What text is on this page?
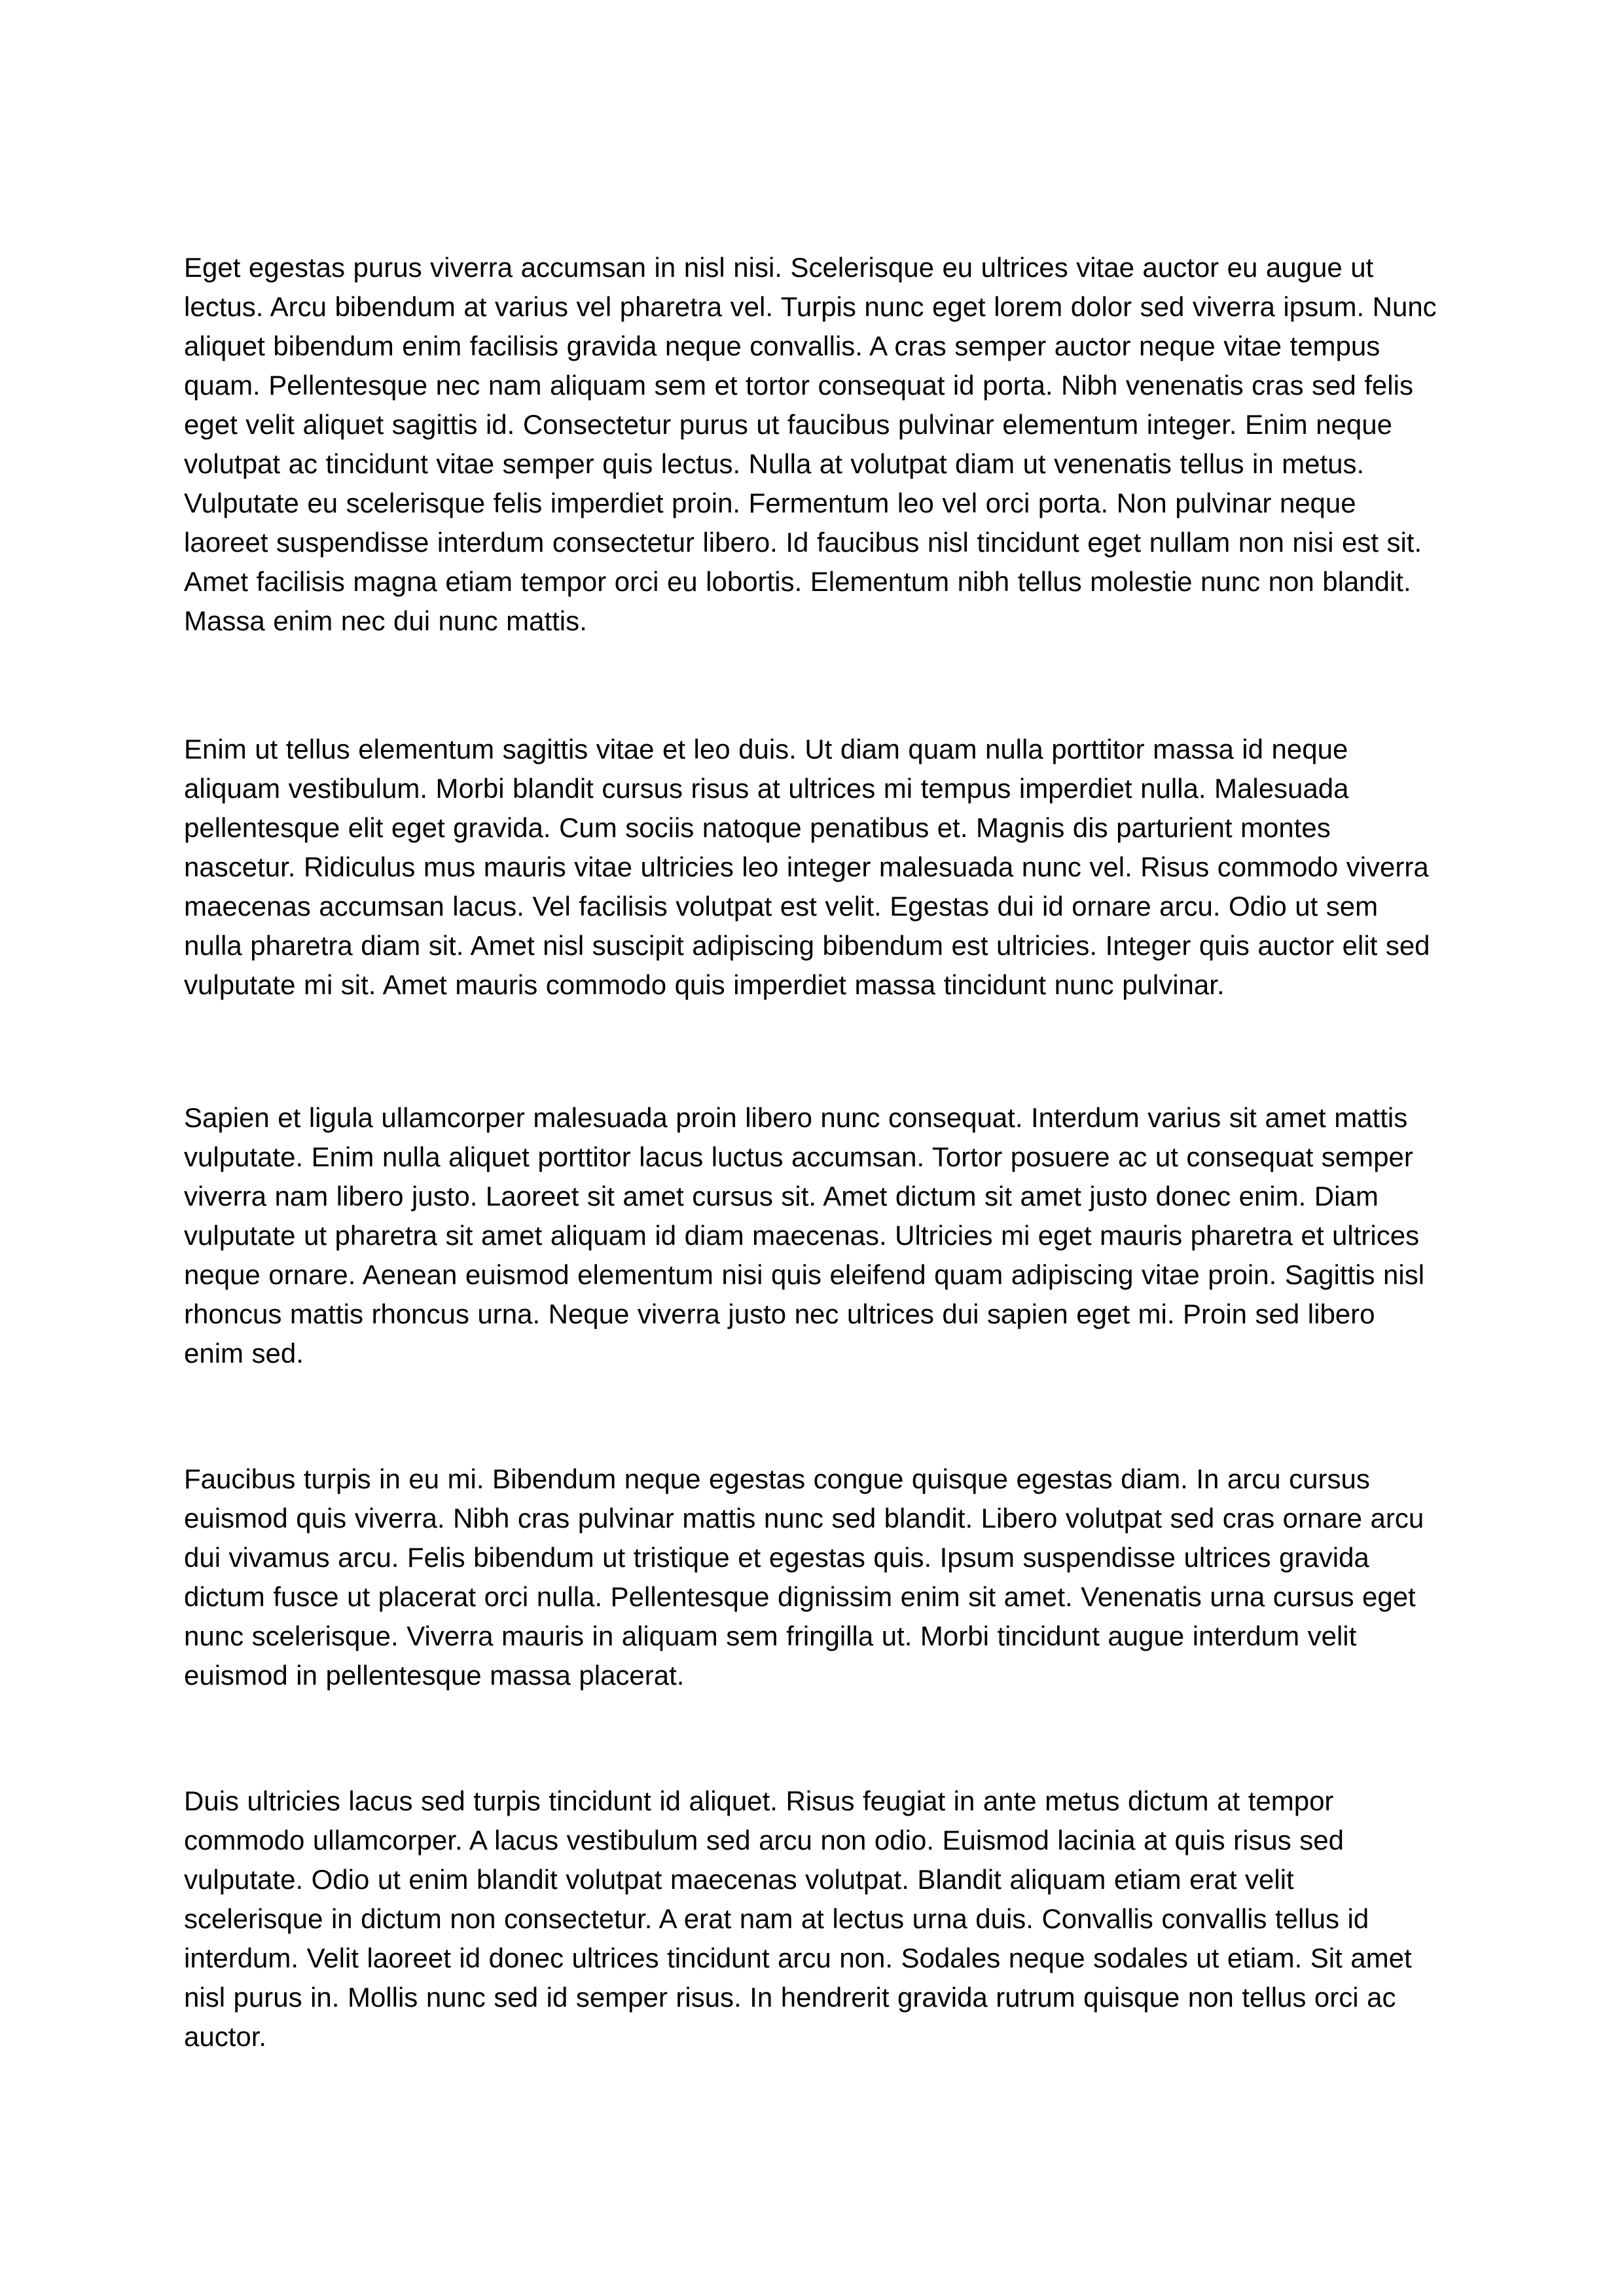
Eget egestas purus viverra accumsan in nisl nisi. Scelerisque eu ultrices vitae auctor eu augue ut lectus. Arcu bibendum at varius vel pharetra vel. Turpis nunc eget lorem dolor sed viverra ipsum. Nunc aliquet bibendum enim facilisis gravida neque convallis. A cras semper auctor neque vitae tempus quam. Pellentesque nec nam aliquam sem et tortor consequat id porta. Nibh venenatis cras sed felis eget velit aliquet sagittis id. Consectetur purus ut faucibus pulvinar elementum integer. Enim neque volutpat ac tincidunt vitae semper quis lectus. Nulla at volutpat diam ut venenatis tellus in metus. Vulputate eu scelerisque felis imperdiet proin. Fermentum leo vel orci porta. Non pulvinar neque laoreet suspendisse interdum consectetur libero. Id faucibus nisl tincidunt eget nullam non nisi est sit. Amet facilisis magna etiam tempor orci eu lobortis. Elementum nibh tellus molestie nunc non blandit. Massa enim nec dui nunc mattis.

Enim ut tellus elementum sagittis vitae et leo duis. Ut diam quam nulla porttitor massa id neque aliquam vestibulum. Morbi blandit cursus risus at ultrices mi tempus imperdiet nulla. Malesuada pellentesque elit eget gravida. Cum sociis natoque penatibus et. Magnis dis parturient montes nascetur. Ridiculus mus mauris vitae ultricies leo integer malesuada nunc vel. Risus commodo viverra maecenas accumsan lacus. Vel facilisis volutpat est velit. Egestas dui id ornare arcu. Odio ut sem nulla pharetra diam sit. Amet nisl suscipit adipiscing bibendum est ultricies. Integer quis auctor elit sed vulputate mi sit. Amet mauris commodo quis imperdiet massa tincidunt nunc pulvinar.

Sapien et ligula ullamcorper malesuada proin libero nunc consequat. Interdum varius sit amet mattis vulputate. Enim nulla aliquet porttitor lacus luctus accumsan. Tortor posuere ac ut consequat semper viverra nam libero justo. Laoreet sit amet cursus sit. Amet dictum sit amet justo donec enim. Diam vulputate ut pharetra sit amet aliquam id diam maecenas. Ultricies mi eget mauris pharetra et ultrices neque ornare. Aenean euismod elementum nisi quis eleifend quam adipiscing vitae proin. Sagittis nisl rhoncus mattis rhoncus urna. Neque viverra justo nec ultrices dui sapien eget mi. Proin sed libero enim sed.

Faucibus turpis in eu mi. Bibendum neque egestas congue quisque egestas diam. In arcu cursus euismod quis viverra. Nibh cras pulvinar mattis nunc sed blandit. Libero volutpat sed cras ornare arcu dui vivamus arcu. Felis bibendum ut tristique et egestas quis. Ipsum suspendisse ultrices gravida dictum fusce ut placerat orci nulla. Pellentesque dignissim enim sit amet. Venenatis urna cursus eget nunc scelerisque. Viverra mauris in aliquam sem fringilla ut. Morbi tincidunt augue interdum velit euismod in pellentesque massa placerat.

Duis ultricies lacus sed turpis tincidunt id aliquet. Risus feugiat in ante metus dictum at tempor commodo ullamcorper. A lacus vestibulum sed arcu non odio. Euismod lacinia at quis risus sed vulputate. Odio ut enim blandit volutpat maecenas volutpat. Blandit aliquam etiam erat velit scelerisque in dictum non consectetur. A erat nam at lectus urna duis. Convallis convallis tellus id interdum. Velit laoreet id donec ultrices tincidunt arcu non. Sodales neque sodales ut etiam. Sit amet nisl purus in. Mollis nunc sed id semper risus. In hendrerit gravida rutrum quisque non tellus orci ac auctor.
